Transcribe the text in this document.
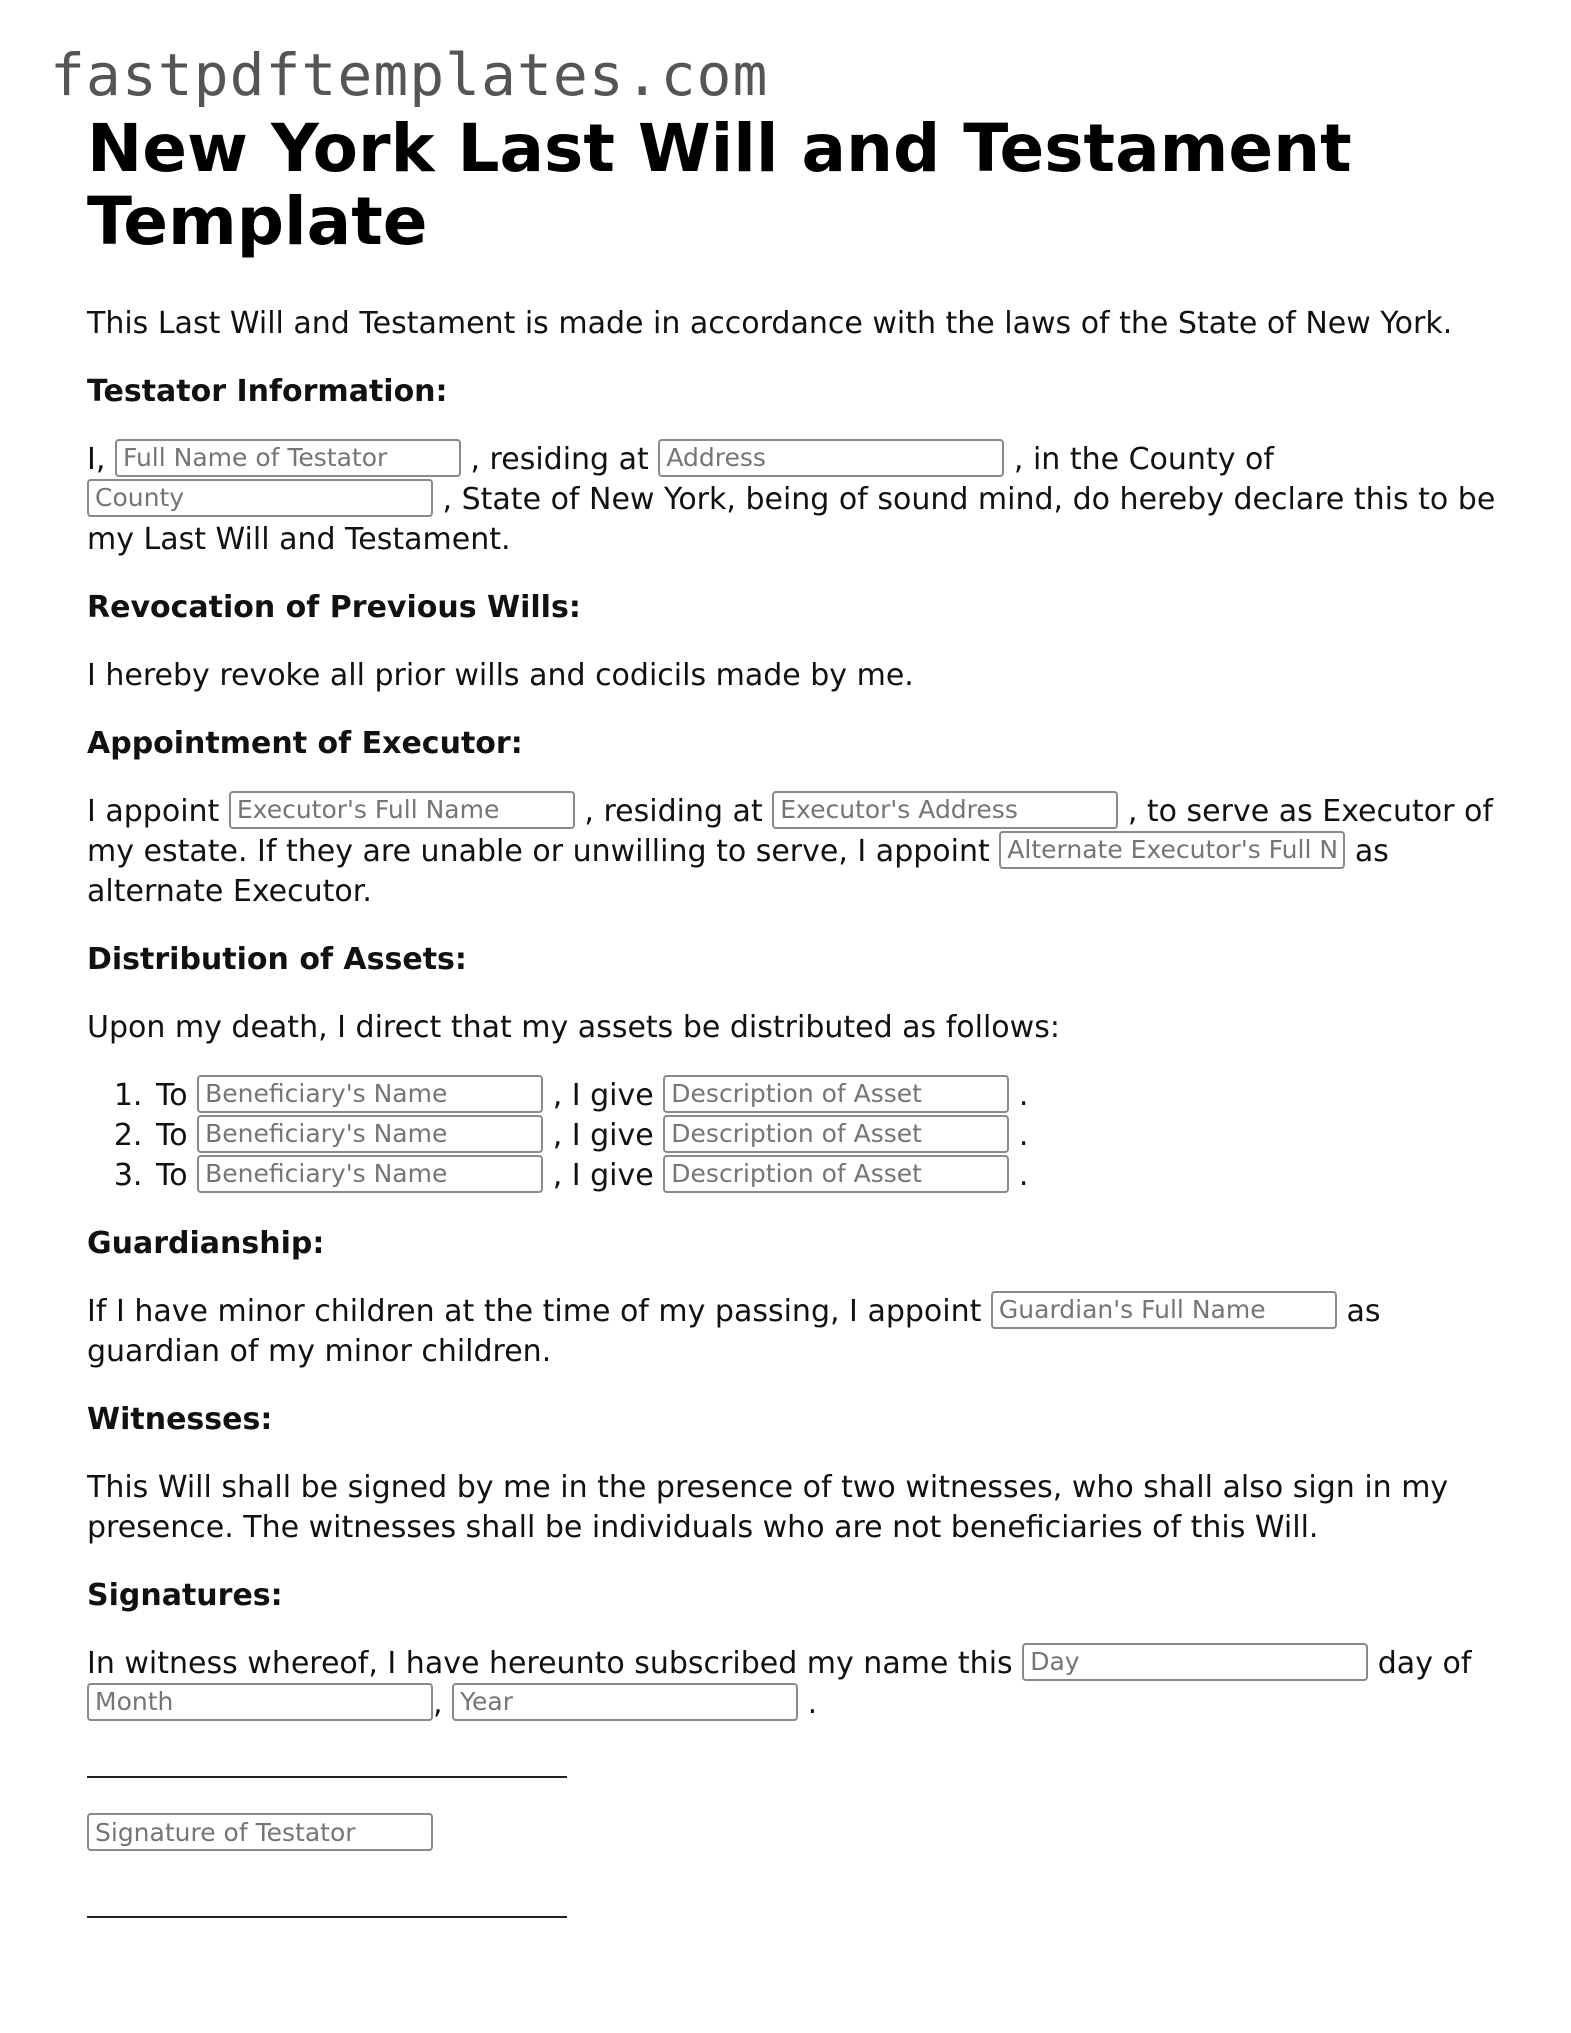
fastpdftemplates.com
New York Last Will and Testament Template

This Last Will and Testament is made in accordance with the laws of the State of New York.

Testator Information:

I, Full Name of Testator	, residing at Address	, in the County of County , State of New York, being of sound mind, do hereby declare this to be my Last Will and Testament.

Revocation of Previous Wills:

I hereby revoke all prior wills and codicils made by me.

Appointment of Executor:

I appoint Executor's Full Name	, residing at Executor's Address	, to serve as Executor of my estate. If they are unable or unwilling to serve, I appoint Alternate Executor's Full Name	as alternate Executor.

Distribution of Assets:

Upon my death, I direct that my assets be distributed as follows:

1. To Beneficiary's Name	, I give Description of Asset	.
2. To Beneficiary's Name	, I give Description of Asset	.
3. To Beneficiary's Name	, I give Description of Asset	.
Guardianship:

If I have minor children at the time of my passing, I appoint Guardian's Full Name	as guardian of my minor children.

Witnesses:

This Will shall be signed by me in the presence of two witnesses, who shall also sign in my presence. The witnesses shall be individuals who are not beneficiaries of this Will.

Signatures:

In witness whereof, I have hereunto subscribed my name this Day	day of Month, Year	.

Signature of Testator
